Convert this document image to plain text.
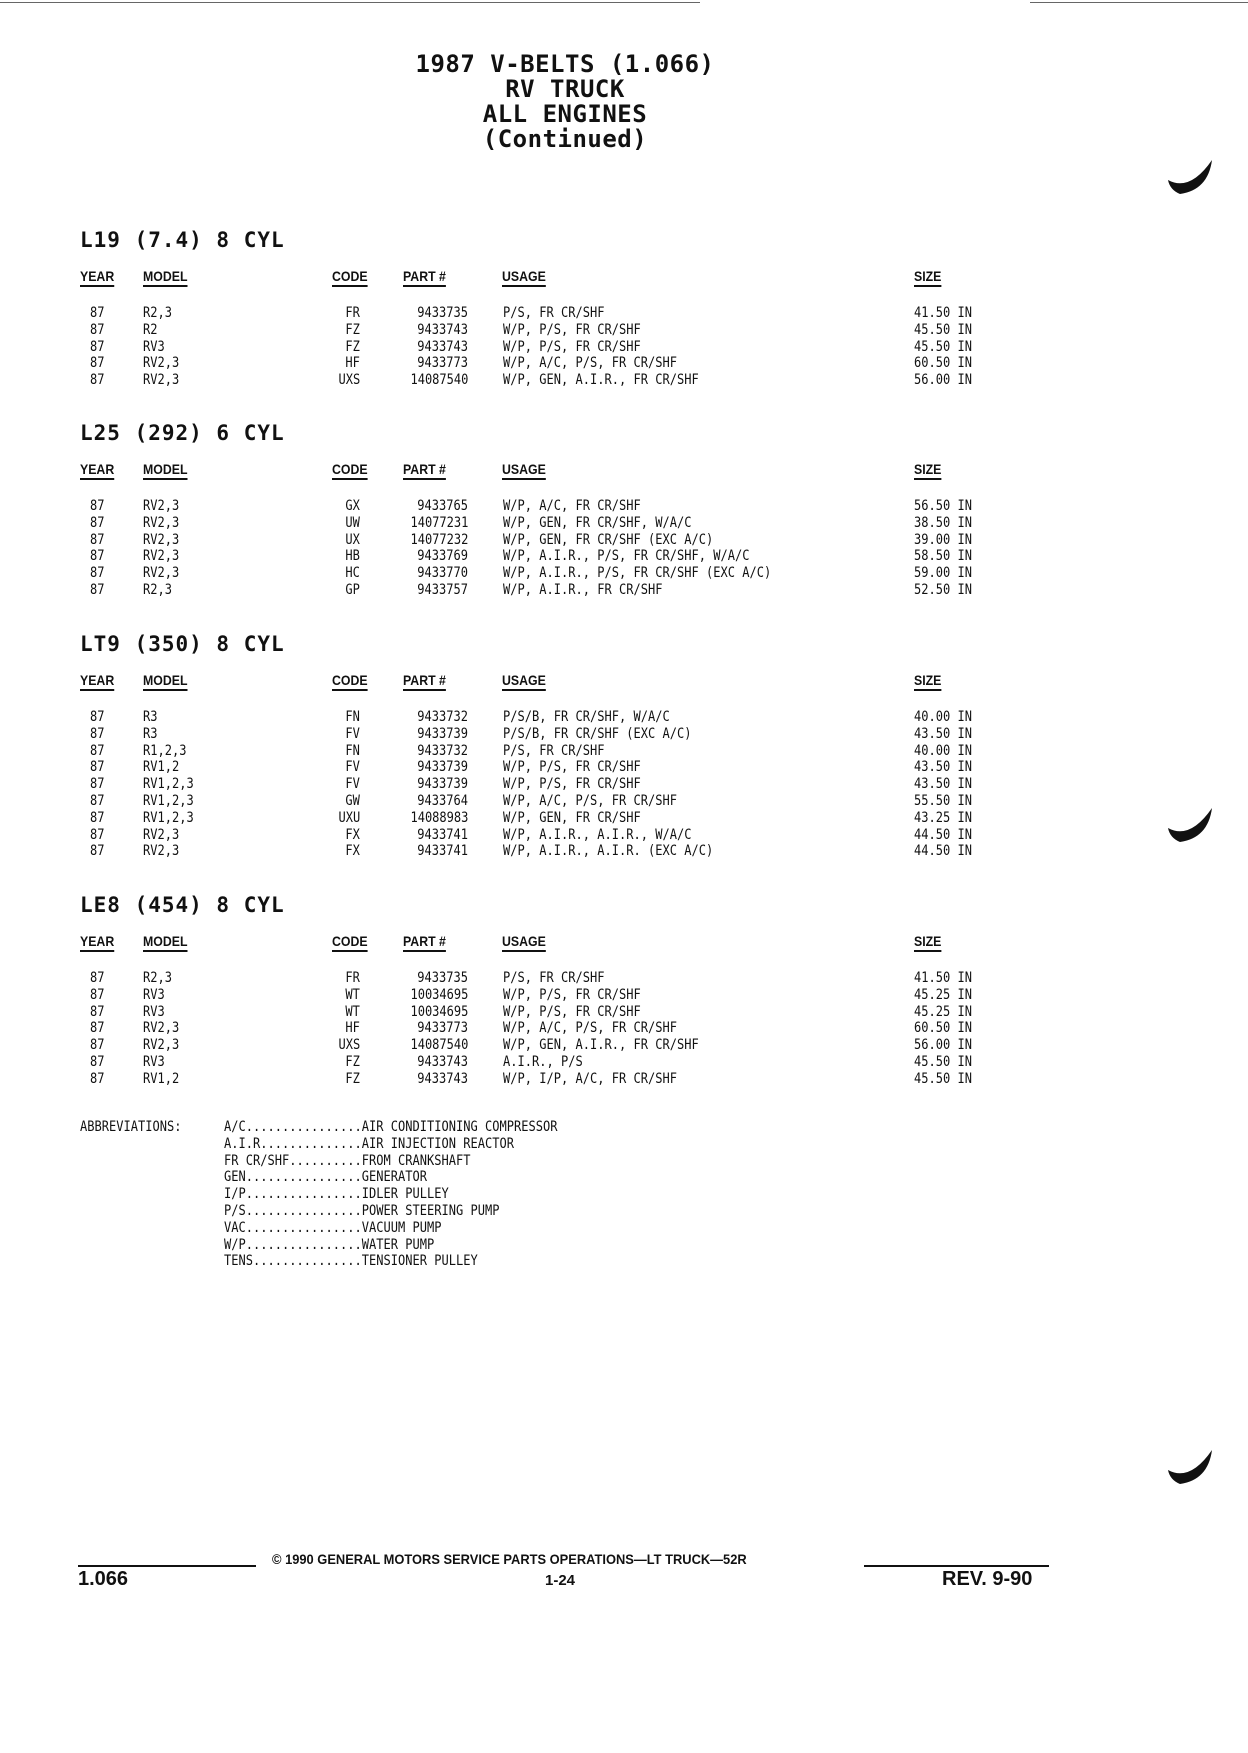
1987 V-BELTS (1.066)
RV TRUCK
ALL ENGINES
(Continued)
L19 (7.4) 8 CYL
YEAR MODEL	CODE	PART #	USAGE	SIZE
87	R2,3	FR	9433735	P/S, FR CR/SHF	41.50 IN
87	R2	FZ	9433743	W/P, P/S, FR CR/SHF	45.50 IN
87	RV3	FZ	9433743	W/P, P/S, FR CR/SHF	45.50 IN
87	RV2,3	HF	9433773	W/P, A/C, P/S, FR CR/SHF	60.50 IN
87	RV2,3	UXS	14087540	W/P, GEN, A.I.R., FR CR/SHF	56.00 IN
L25 (292) 6 CYL
YEAR MODEL	CODE	PART #	USAGE	SIZE
87	RV2,3	GX	9433765	W/P, A/C, FR CR/SHF	56.50 IN
87	RV2,3	UW	14077231	W/P, GEN, FR CR/SHF, W/A/C	38.50 IN
87	RV2,3	UX	14077232	W/P, GEN, FR CR/SHF (EXC A/C)	39.00 IN
87	RV2,3	HB	9433769	W/P, A.I.R., P/S, FR CR/SHF, W/A/C	58.50 IN
87	RV2,3	HC	9433770	W/P, A.I.R., P/S, FR CR/SHF (EXC A/C)	59.00 IN
87	R2,3	GP	9433757	W/P, A.I.R., FR CR/SHF	52.50 IN
LT9 (350) 8 CYL
YEAR MODEL	CODE	PART #	USAGE	SIZE
87	R3	FN	9433732	P/S/B, FR CR/SHF, W/A/C	40.00 IN
87	R3	FV	9433739	P/S/B, FR CR/SHF (EXC A/C)	43.50 IN
87	R1,2,3	FN	9433732	P/S, FR CR/SHF	40.00 IN
87	RV1,2	FV	9433739	W/P, P/S, FR CR/SHF	43.50 IN
87	RV1,2,3	FV	9433739	W/P, P/S, FR CR/SHF	43.50 IN
87	RV1,2,3	GW	9433764	W/P, A/C, P/S, FR CR/SHF	55.50 IN
87	RV1,2,3	UXU	14088983	W/P, GEN, FR CR/SHF	43.25 IN
87	RV2,3	FX	9433741	W/P, A.I.R., A.I.R., W/A/C	44.50 IN
87	RV2,3	FX	9433741	W/P, A.I.R., A.I.R. (EXC A/C)	44.50 IN
LE8 (454) 8 CYL
YEAR MODEL	CODE	PART #	USAGE	SIZE
87	R2,3	FR	9433735	P/S, FR CR/SHF	41.50 IN
87	RV3	WT	10034695	W/P, P/S, FR CR/SHF	45.25 IN
87	RV3	WT	10034695	W/P, P/S, FR CR/SHF	45.25 IN
87	RV2,3	HF	9433773	W/P, A/C, P/S, FR CR/SHF	60.50 IN
87	RV2,3	UXS	14087540	W/P, GEN, A.I.R., FR CR/SHF	56.00 IN
87	RV3	FZ	9433743	A.I.R., P/S	45.50 IN
87	RV1,2	FZ	9433743	W/P, I/P, A/C, FR CR/SHF	45.50 IN
ABBREVIATIONS:	A/C................AIR CONDITIONING COMPRESSOR
A.I.R..............AIR INJECTION REACTOR
FR CR/SHF..........FROM CRANKSHAFT
GEN................GENERATOR
I/P................IDLER PULLEY
P/S................POWER STEERING PUMP
VAC................VACUUM PUMP
W/P................WATER PUMP
TENS...............TENSIONER PULLEY
© 1990 GENERAL MOTORS SERVICE PARTS OPERATIONS—LT TRUCK—52R
1.066	1-24	REV. 9-90
